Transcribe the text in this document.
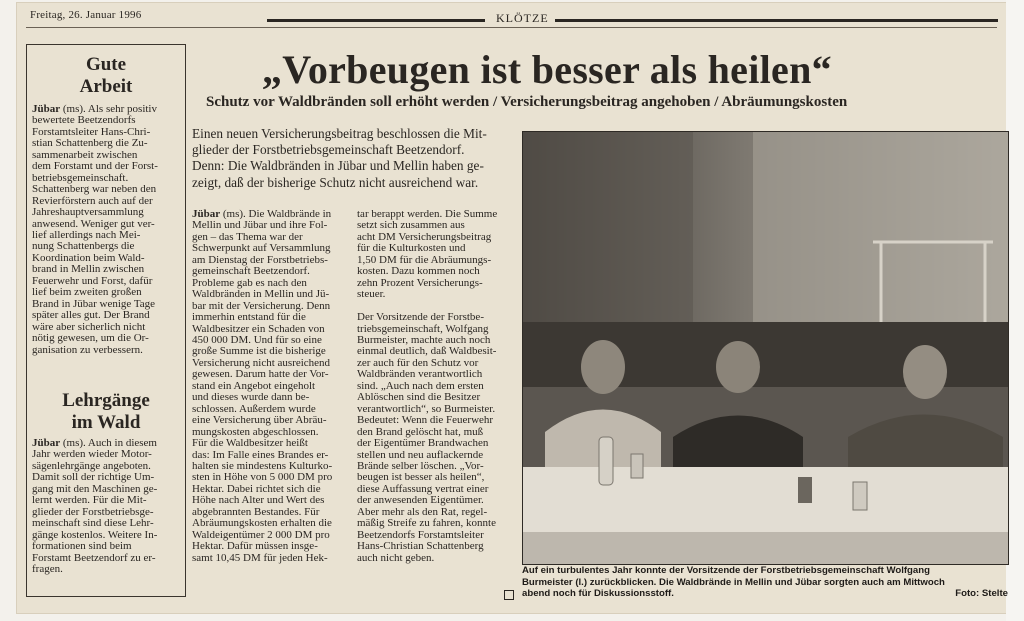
Freitag, 26. Januar 1996	KLÖTZE
Gute
Arbeit
Jübar (ms). Als sehr positiv
bewertete Beetzendorfs
Forstamtsleiter Hans-Chri-
stian Schattenberg die Zu-
sammenarbeit zwischen
dem Forstamt und der Forst-
betriebsgemeinschaft.
Schattenberg war neben den
Revierförstern auch auf der
Jahreshauptversammlung
anwesend. Weniger gut ver-
lief allerdings nach Mei-
nung Schattenbergs die
Koordination beim Wald-
brand in Mellin zwischen
Feuerwehr und Forst, dafür
lief beim zweiten großen
Brand in Jübar wenige Tage
später alles gut. Der Brand
wäre aber sicherlich nicht
nötig gewesen, um die Or-
ganisation zu verbessern.
Lehrgänge
im Wald
Jübar (ms). Auch in diesem
Jahr werden wieder Motor-
sägenlehrgänge angeboten.
Damit soll der richtige Um-
gang mit den Maschinen ge-
lernt werden. Für die Mit-
glieder der Forstbetriebsge-
meinschaft sind diese Lehr-
gänge kostenlos. Weitere In-
formationen sind beim
Forstamt Beetzendorf zu er-
fragen.
„Vorbeugen ist besser als heilen“
Schutz vor Waldbränden soll erhöht werden / Versicherungsbeitrag angehoben / Abräumungskosten
Einen neuen Versicherungsbeitrag beschlossen die Mit-
glieder der Forstbetriebsgemeinschaft Beetzendorf.
Denn: Die Waldbränden in Jübar und Mellin haben ge-
zeigt, daß der bisherige Schutz nicht ausreichend war.
Jübar (ms). Die Waldbrände in
Mellin und Jübar und ihre Fol-
gen – das Thema war der
Schwerpunkt auf Versammlung
am Dienstag der Forstbetriebs-
gemeinschaft Beetzendorf.
Probleme gab es nach den
Waldbränden in Mellin und Jü-
bar mit der Versicherung. Denn
immerhin entstand für die
Waldbesitzer ein Schaden von
450 000 DM. Und für so eine
große Summe ist die bisherige
Versicherung nicht ausreichend
gewesen. Darum hatte der Vor-
stand ein Angebot eingeholt
und dieses wurde dann be-
schlossen. Außerdem wurde
eine Versicherung über Abräu-
mungskosten abgeschlossen.
Für die Waldbesitzer heißt
das: Im Falle eines Brandes er-
halten sie mindestens Kulturko-
sten in Höhe von 5 000 DM pro
Hektar. Dabei richtet sich die
Höhe nach Alter und Wert des
abgebrannten Bestandes. Für
Abräumungskosten erhalten die
Waldeigentümer 2 000 DM pro
Hektar. Dafür müssen insge-
samt 10,45 DM für jeden Hek-
tar berappt werden. Die Summe
setzt sich zusammen aus
acht DM Versicherungsbeitrag
für die Kulturkosten und
1,50 DM für die Abräumungs-
kosten. Dazu kommen noch
zehn Prozent Versicherungs-
steuer.

Der Vorsitzende der Forstbe-
triebsgemeinschaft, Wolfgang
Burmeister, machte auch noch
einmal deutlich, daß Waldbesit-
zer auch für den Schutz vor
Waldbränden verantwortlich
sind. „Auch nach dem ersten
Ablöschen sind die Besitzer
verantwortlich“, so Burmeister.
Bedeutet: Wenn die Feuerwehr
den Brand gelöscht hat, muß
der Eigentümer Brandwachen
stellen und neu auflackernde
Brände selber löschen. „Vor-
beugen ist besser als heilen“,
diese Auffassung vertrat einer
der anwesenden Eigentümer.
Aber mehr als den Rat, regel-
mäßig Streife zu fahren, konnte
Beetzendorfs Forstamtsleiter
Hans-Christian Schattenberg
auch nicht geben.
Auf ein turbulentes Jahr konnte der Vorsitzende der Forstbetriebsgemeinschaft Wolfgang
Burmeister (l.) zurückblicken. Die Waldbrände in Mellin und Jübar sorgten auch am Mittwoch
abend noch für Diskussionsstoff.	Foto: Stelte
